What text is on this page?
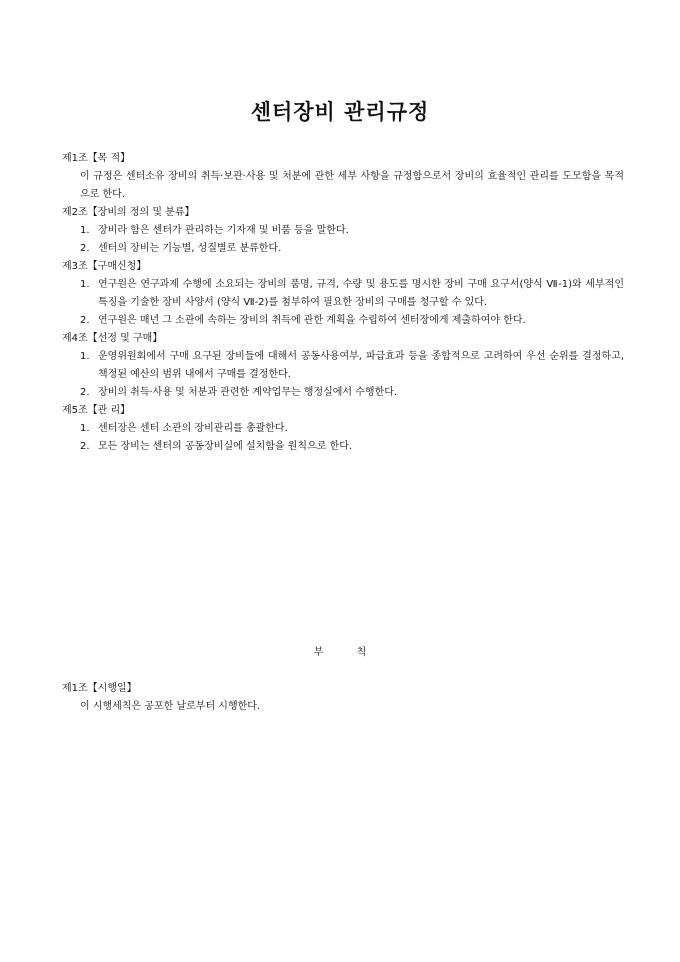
센터장비 관리규정
제1조【목 적】
이 규정은 센터소유 장비의 취득·보관·사용 및 처분에 관한 세부 사항을 규정함으로서 장비의 효율적인 관리를 도모함을 목적으로 한다.
제2조【장비의 정의 및 분류】
1. 장비라 함은 센터가 관리하는 기자재 및 비품 등을 말한다.
2. 센터의 장비는 기능별, 성질별로 분류한다.
제3조【구매신청】
1. 연구원은 연구과제 수행에 소요되는 장비의 품명, 규격, 수량 및 용도를 명시한 장비 구매 요구서(양식 Ⅶ-1)와 세부적인 특징을 기술한 장비 사양서 (양식 Ⅶ-2)를 첨부하여 필요한 장비의 구매를 청구할 수 있다.
2. 연구원은 매년 그 소관에 속하는 장비의 취득에 관한 계획을 수립하여 센터장에게 제출하여야 한다.
제4조【선정 및 구매】
1. 운영위원회에서 구매 요구된 장비들에 대해서 공동사용여부, 파급효과 등을 종합적으로 고려하여 우선 순위를 결정하고, 책정된 예산의 범위 내에서 구매를 결정한다.
2. 장비의 취득·사용 및 처분과 관련한 계약업무는 행정실에서 수행한다.
제5조【관 리】
1. 센터장은 센터 소관의 장비관리를 총괄한다.
2. 모든 장비는 센터의 공동장비실에 설치함을 원칙으로 한다.
부 칙
제1조【시행일】
이 시행세칙은 공포한 날로부터 시행한다.
